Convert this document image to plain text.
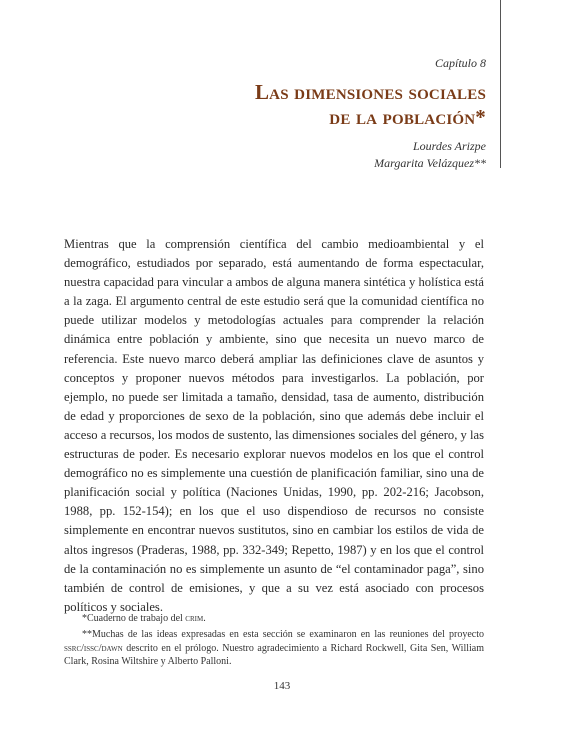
Capítulo 8
Las dimensiones sociales
de la población*
Lourdes Arizpe
Margarita Velázquez**

Mientras que la comprensión científica del cambio medioambiental y el demográfico, estudiados por separado, está aumentando de forma espectacular, nuestra capacidad para vincular a ambos de alguna manera sintética y holística está a la zaga. El argumento central de este estudio será que la comunidad científica no puede utilizar modelos y metodologías actuales para comprender la relación dinámica entre población y ambiente, sino que necesita un nuevo marco de referencia. Este nuevo marco deberá ampliar las definiciones clave de asuntos y conceptos y proponer nuevos métodos para investigarlos. La población, por ejemplo, no puede ser limitada a tamaño, densidad, tasa de aumento, distribución de edad y proporciones de sexo de la población, sino que además debe incluir el acceso a recursos, los modos de sustento, las dimensiones sociales del género, y las estructuras de poder. Es necesario explorar nuevos modelos en los que el control demográfico no es simplemente una cuestión de planificación familiar, sino una de planificación social y política (Naciones Unidas, 1990, pp. 202-216; Jacobson, 1988, pp. 152-154); en los que el uso dispendioso de recursos no consiste simplemente en encontrar nuevos sustitutos, sino en cambiar los estilos de vida de altos ingresos (Praderas, 1988, pp. 332-349; Repetto, 1987) y en los que el control de la contaminación no es simplemente un asunto de “el contaminador paga”, sino también de control de emisiones, y que a su vez está asociado con procesos políticos y sociales.

*Cuaderno de trabajo del crim.

**Muchas de las ideas expresadas en esta sección se examinaron en las reuniones del proyecto ssrc/issc/dawn descrito en el prólogo. Nuestro agradecimiento a Richard Rockwell, Gita Sen, William Clark, Rosina Wiltshire y Alberto Palloni.

143
